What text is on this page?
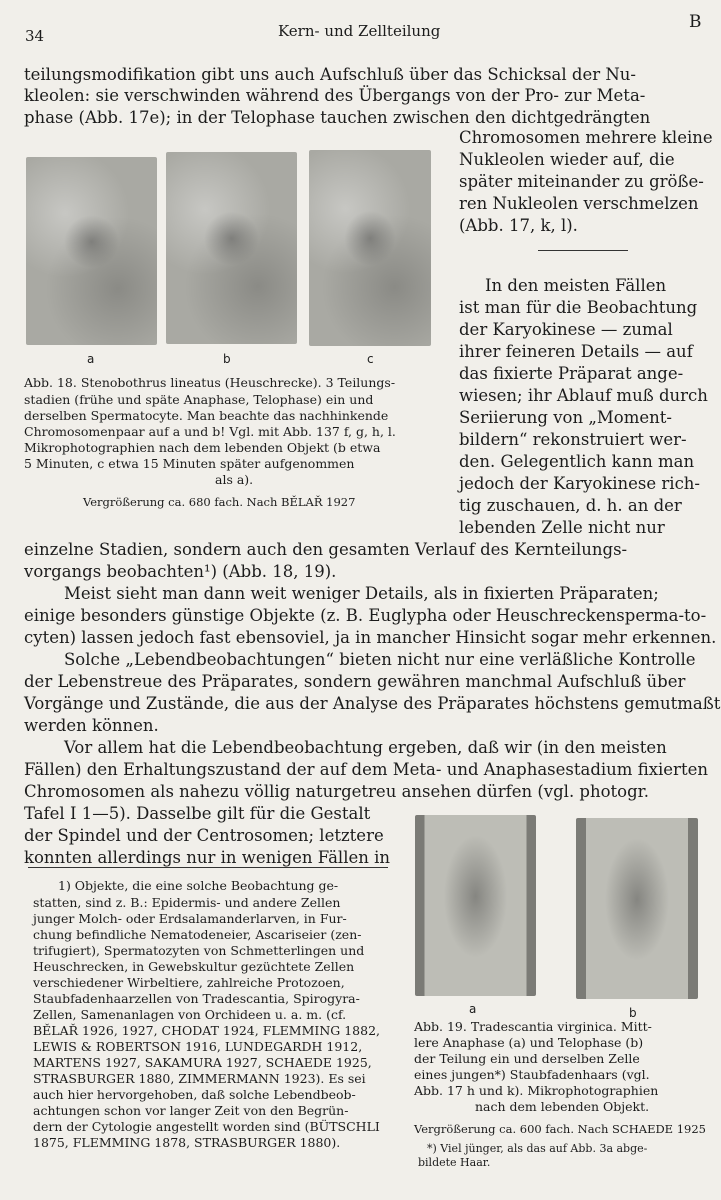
34	Kern- und Zellteilung	B
teilungsmodifikation gibt uns auch Aufschluß über das Schicksal der Nu-
kleolen: sie verschwinden während des Übergangs von der Pro- zur Meta-
phase (Abb. 17e); in der Telophase tauchen zwischen den dichtgedrängten
a	b	c
Abb. 18. Stenobothrus lineatus (Heuschrecke). 3 Teilungs-
stadien (frühe und späte Anaphase, Telophase) ein und
derselben Spermatocyte. Man beachte das nachhinkende
Chromosomenpaar auf a und b! Vgl. mit Abb. 137 f, g, h, l.
Mikrophotographien nach dem lebenden Objekt (b etwa
5 Minuten, c etwa 15 Minuten später aufgenommen
als a).
Vergrößerung ca. 680 fach. Nach BĚLAŘ 1927
Chromosomen mehrere kleine
Nukleolen wieder auf, die
später miteinander zu größe-
ren Nukleolen verschmelzen
(Abb. 17, k, l).
In den meisten Fällen
ist man für die Beobachtung
der Karyokinese — zumal
ihrer feineren Details — auf
das fixierte Präparat ange-
wiesen; ihr Ablauf muß durch
Seriierung von „Moment-
bildern“ rekonstruiert wer-
den. Gelegentlich kann man
jedoch der Karyokinese rich-
tig zuschauen, d. h. an der
lebenden Zelle nicht nur
einzelne Stadien, sondern auch den gesamten Verlauf des Kernteilungs-
vorgangs beobachten¹) (Abb. 18, 19).
Meist sieht man dann weit weniger Details, als in fixierten Präparaten;
einige besonders günstige Objekte (z. B. Euglypha oder Heuschreckensperma-to-
cyten) lassen jedoch fast ebensoviel, ja in mancher Hinsicht sogar mehr erkennen.
Solche „Lebendbeobachtungen“ bieten nicht nur eine verläßliche Kontrolle
der Lebenstreue des Präparates, sondern gewähren manchmal Aufschluß über
Vorgänge und Zustände, die aus der Analyse des Präparates höchstens gemutmaßt
werden können.
Vor allem hat die Lebendbeobachtung ergeben, daß wir (in den meisten
Fällen) den Erhaltungszustand der auf dem Meta- und Anaphasestadium fixierten
Chromosomen als nahezu völlig naturgetreu ansehen dürfen (vgl. photogr.
Tafel I 1—5). Dasselbe gilt für die Gestalt
der Spindel und der Centrosomen; letztere
konnten allerdings nur in wenigen Fällen in
1) Objekte, die eine solche Beobachtung ge-
statten, sind z. B.: Epidermis- und andere Zellen
junger Molch- oder Erdsalamanderlarven, in Fur-
chung befindliche Nematodeneier, Ascariseier (zen-
trifugiert), Spermatozyten von Schmetterlingen und
Heuschrecken, in Gewebskultur gezüchtete Zellen
verschiedener Wirbeltiere, zahlreiche Protozoen,
Staubfadenhaarzellen von Tradescantia, Spirogyra-
Zellen, Samenanlagen von Orchideen u. a. m. (cf.
BĚLAŘ 1926, 1927, CHODAT 1924, FLEMMING 1882,
LEWIS & ROBERTSON 1916, LUNDEGARDH 1912,
MARTENS 1927, SAKAMURA 1927, SCHAEDE 1925,
STRASBURGER 1880, ZIMMERMANN 1923). Es sei
auch hier hervorgehoben, daß solche Lebendbeob-
achtungen schon vor langer Zeit von den Begrün-
dern der Cytologie angestellt worden sind (BÜTSCHLI
1875, FLEMMING 1878, STRASBURGER 1880).
a	b
Abb. 19. Tradescantia virginica. Mitt-
lere Anaphase (a) und Telophase (b)
der Teilung ein und derselben Zelle
eines jungen*) Staubfadenhaars (vgl.
Abb. 17 h und k). Mikrophotographien
nach dem lebenden Objekt.
Vergrößerung ca. 600 fach. Nach SCHAEDE 1925
*) Viel jünger, als das auf Abb. 3a abge-
bildete Haar.
